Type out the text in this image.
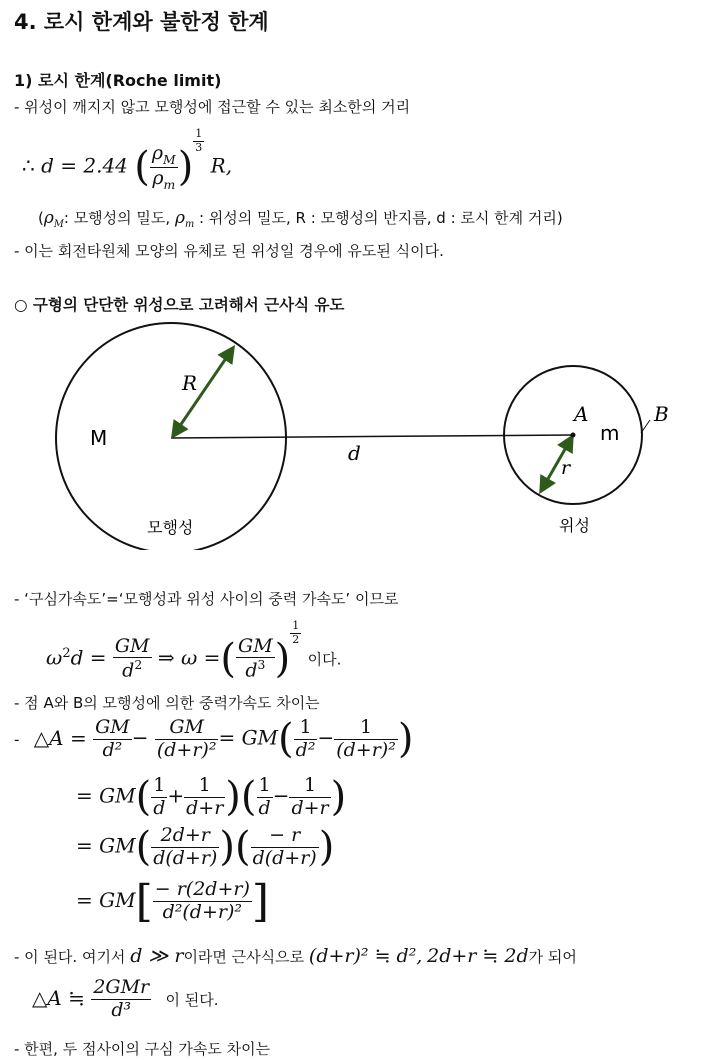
4. 로시 한계와 불한정 한계
1) 로시 한계(Roche limit)
- 위성이 깨지지 않고 모행성에 접근할 수 있는 최소한의 거리
∴ d = 2.44 ( $\frac{\rho_M}{\rho_m}$ )
$\frac{1}{3}$
R,
($\rho_M$: 모행성의 밀도, $\rho_m$ : 위성의 밀도, R : 모행성의 반지름, d : 로시 한계 거리)
- 이는 회전타원체 모양의 유체로 된 위성일 경우에 유도된 식이다.
○ 구형의 단단한 위성으로 고려해서 근사식 유도
M
R
d
A	B
m
r
모행성	위성
- ‘구심가속도’=‘모행성과 위성 사이의 중력 가속도’ 이므로
$\omega^2d = \frac{GM}{d^2}$ ⇒ ω =( $\frac{GM}{d^3}$ )
$\frac{1}{2}$
이다.
- 점 A와 B의 모행성에 의한 중력가속도 차이는
- △A = $\frac{GM}{\text{d²}} - \frac{GM}{\text{(d+r)²}} = GM( \frac{1}{\text{d²}} - \frac{1}{\text{(d+r)²}}$ )
= $GM( \frac{1}{d} + \frac{1}{d+r}$ )( $\frac{1}{d} - \frac{1}{d+r}$ )
= $GM( \frac{2d+r}{d(d+r)}$ )( $\frac{- r}{d(d+r)}$ )
= $GM[ \frac{- r(2d+r)}{\text{d²(d+r)²}}$ ]
- 이 된다. 여기서 d ≫ r이라면 근사식으로 (d+r)² ≒ d², 2d+r ≒ 2d가 되어
△A ≒ $\frac{\text{2GMr}}{\text{d³}}$ 이 된다.
- 한편, 두 점사이의 구심 가속도 차이는
